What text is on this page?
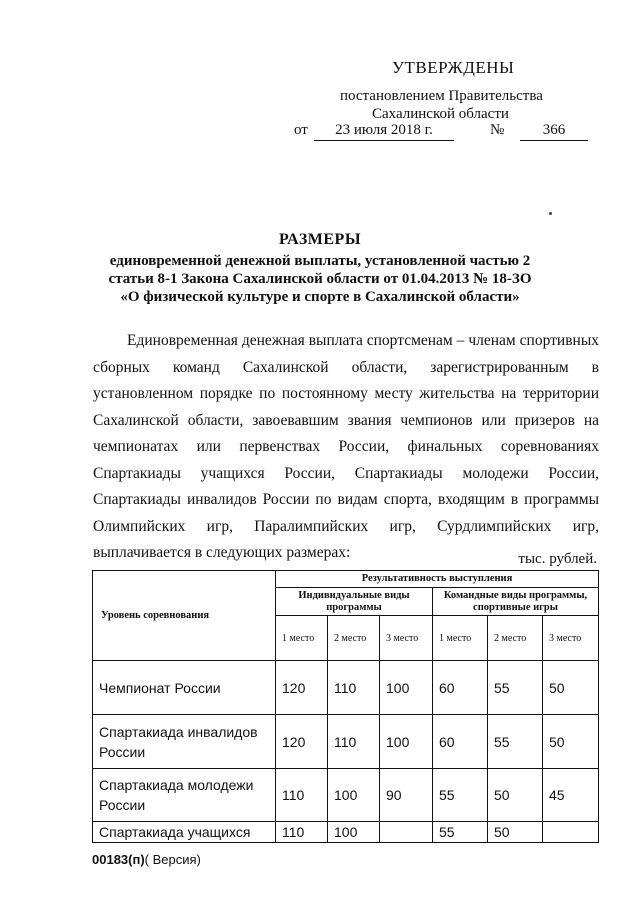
УТВЕРЖДЕНЫ
постановлением Правительства
Сахалинской области
от	23 июля 2018 г.	№	366
РАЗМЕРЫ
единовременной денежной выплаты, установленной частью 2 статьи 8-1 Закона Сахалинской области от 01.04.2013 № 18-ЗО «О физической культуре и спорте в Сахалинской области»

Единовременная денежная выплата спортсменам – членам спортивных сборных команд Сахалинской области, зарегистрированным в установленном порядке по постоянному месту жительства на территории Сахалинской области, завоевавшим звания чемпионов или призеров на чемпионатах или первенствах России, финальных соревнованиях Спартакиады учащихся России, Спартакиады молодежи России, Спартакиады инвалидов России по видам спорта, входящим в программы Олимпийских игр, Паралимпийских игр, Сурдлимпийских игр, выплачивается в следующих размерах:	тыс. рублей.
Уровень соревнования	Результативность выступления					
	Индивидуальные виды программы			Командные виды программы, спортивные игры		
	1 место	2 место	3 место	1 место	2 место	3 место
Чемпионат России	120	110	100	60	55	50
Спартакиада инвалидов России	120	110	100	60	55	50
Спартакиада молодежи России	110	100	90	55	50	45
Спартакиада учащихся	110	100		55	50	
00183(п)( Версия)
